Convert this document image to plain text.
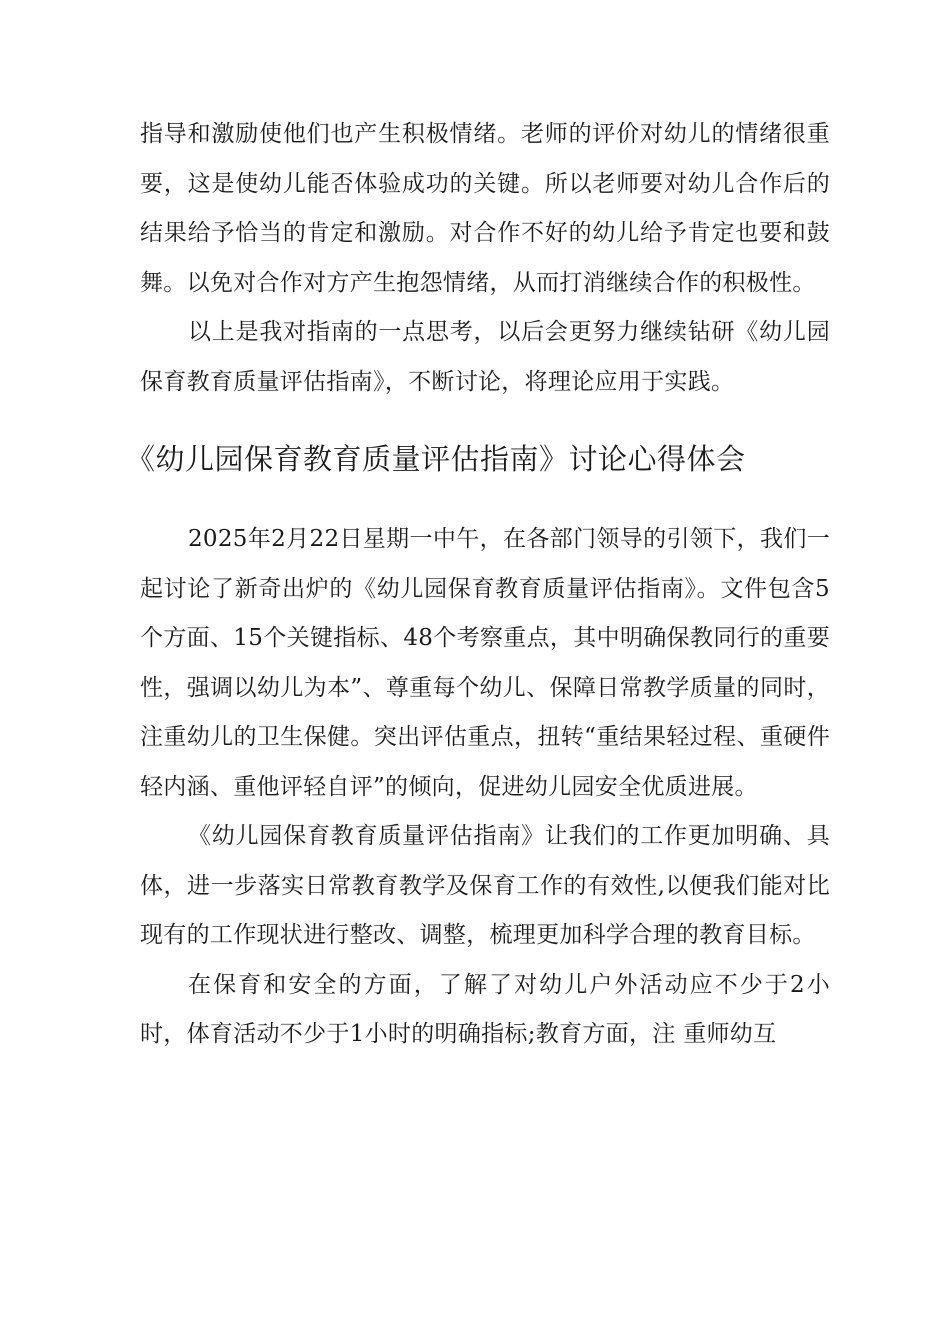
指导和激励使他们也产生积极情绪。老师的评价对幼儿的情绪很重要，这是使幼儿能否体验成功的关键。所以老师要对幼儿合作后的结果给予恰当的肯定和激励。对合作不好的幼儿给予肯定也要和鼓舞。以免对合作对方产生抱怨情绪，从而打消继续合作的积极性。

以上是我对指南的一点思考，以后会更努力继续钻研《幼儿园保育教育质量评估指南》，不断讨论，将理论应用于实践。

《幼儿园保育教育质量评估指南》讨论心得体会

2025年2月22日星期一中午，在各部门领导的引领下，我们一起讨论了新奇出炉的《幼儿园保育教育质量评估指南》。文件包含5个方面、15个关键指标、48个考察重点，其中明确保教同行的重要性，强调以幼儿为本”、尊重每个幼儿、保障日常教学质量的同时，注重幼儿的卫生保健。突出评估重点，扭转“重结果轻过程、重硬件轻内涵、重他评轻自评”的倾向，促进幼儿园安全优质进展。

《幼儿园保育教育质量评估指南》让我们的工作更加明确、具体，进一步落实日常教育教学及保育工作的有效性,以便我们能对比现有的工作现状进行整改、调整，梳理更加科学合理的教育目标。

在保育和安全的方面，了解了对幼儿户外活动应不少于2小时，体育活动不少于1小时的明确指标;教育方面，注 重师幼互
